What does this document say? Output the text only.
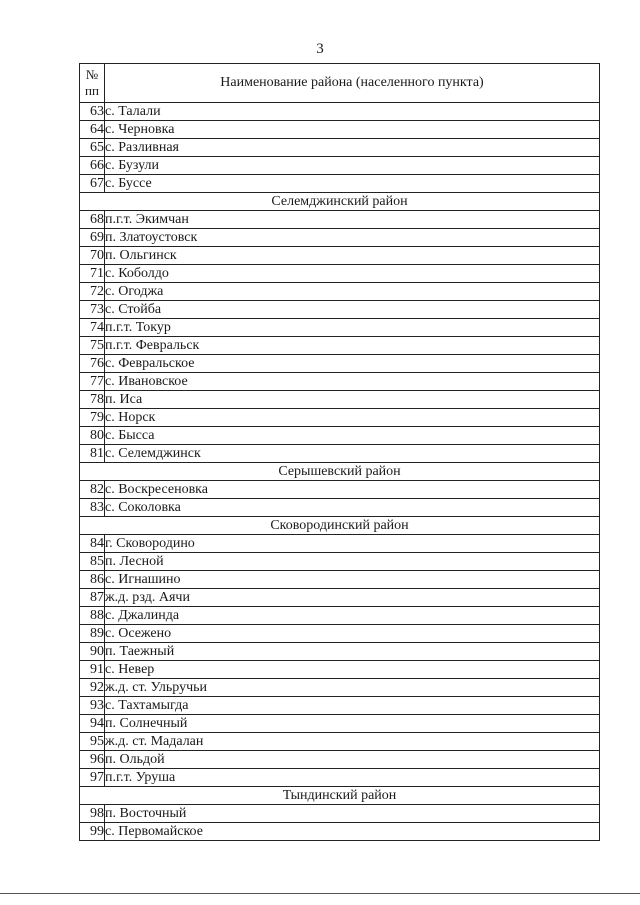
3
№
пп	Наименование района (населенного пункта)
63	с. Талали
64	с. Черновка
65	с. Разливная
66	с. Бузули
67	с. Буссе
Селемджинский район	
68	п.г.т. Экимчан
69	п. Златоустовск
70	п. Ольгинск
71	с. Коболдо
72	с. Огоджа
73	с. Стойба
74	п.г.т. Токур
75	п.г.т. Февральск
76	с. Февральское
77	с. Ивановское
78	п. Иса
79	с. Норск
80	с. Бысса
81	с. Селемджинск
Серышевский район	
82	с. Воскресеновка
83	с. Соколовка
Сковородинский район	
84	г. Сковородино
85	п. Лесной
86	с. Игнашино
87	ж.д. рзд. Аячи
88	с. Джалинда
89	с. Осежено
90	п. Таежный
91	с. Невер
92	ж.д. ст. Ульручьи
93	с. Тахтамыгда
94	п. Солнечный
95	ж.д. ст. Мадалан
96	п. Ольдой
97	п.г.т. Уруша
Тындинский район	
98	п. Восточный
99	с. Первомайское
